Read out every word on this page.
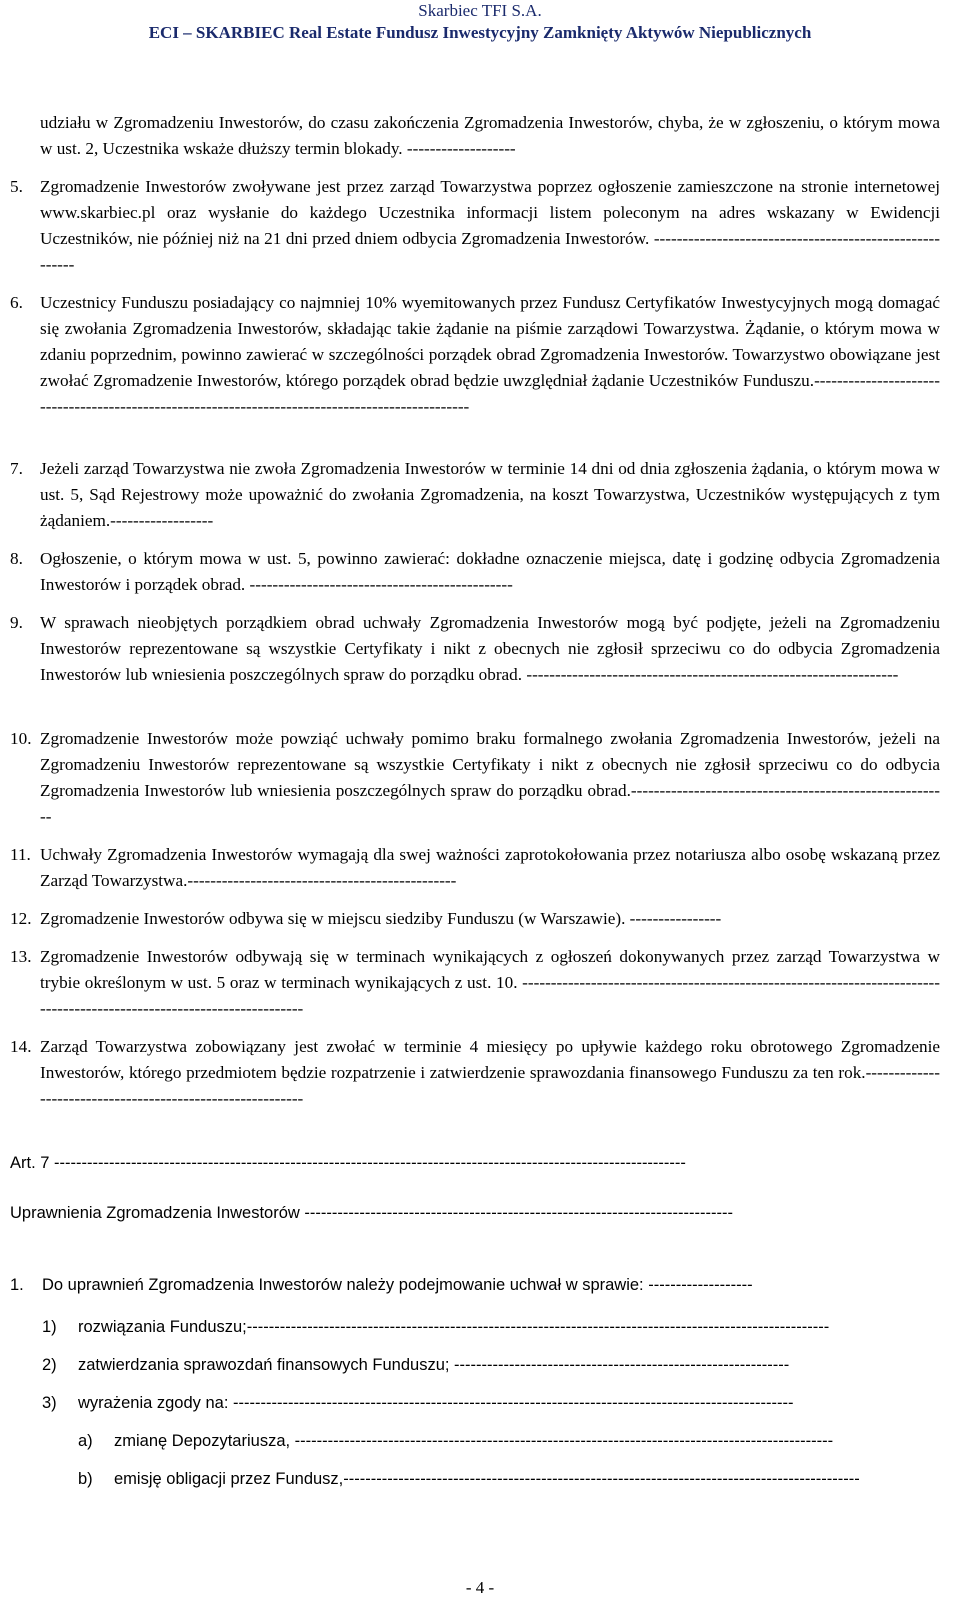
Skarbiec TFI S.A.
ECI – SKARBIEC Real Estate Fundusz Inwestycyjny Zamknięty Aktywów Niepublicznych
udziału w Zgromadzeniu Inwestorów, do czasu zakończenia Zgromadzenia Inwestorów, chyba, że w zgłoszeniu, o którym mowa w ust. 2, Uczestnika wskaże dłuższy termin blokady. -------------------
5. Zgromadzenie Inwestorów zwoływane jest przez zarząd Towarzystwa poprzez ogłoszenie zamieszczone na stronie internetowej www.skarbiec.pl oraz wysłanie do każdego Uczestnika informacji listem poleconym na adres wskazany w Ewidencji Uczestników, nie później niż na 21 dni przed dniem odbycia Zgromadzenia Inwestorów. --------------------------------------------------------
6. Uczestnicy Funduszu posiadający co najmniej 10% wyemitowanych przez Fundusz Certyfikatów Inwestycyjnych mogą domagać się zwołania Zgromadzenia Inwestorów, składając takie żądanie na piśmie zarządowi Towarzystwa. Żądanie, o którym mowa w zdaniu poprzednim, powinno zawierać w szczególności porządek obrad Zgromadzenia Inwestorów. Towarzystwo obowiązane jest zwołać Zgromadzenie Inwestorów, którego porządek obrad będzie uwzględniał żądanie Uczestników Funduszu.-------------------------------------------------------------------------------------------------
7. Jeżeli zarząd Towarzystwa nie zwoła Zgromadzenia Inwestorów w terminie 14 dni od dnia zgłoszenia żądania, o którym mowa w ust. 5, Sąd Rejestrowy może upoważnić do zwołania Zgromadzenia, na koszt Towarzystwa, Uczestników występujących z tym żądaniem.------------------
8. Ogłoszenie, o którym mowa w ust. 5, powinno zawierać: dokładne oznaczenie miejsca, datę i godzinę odbycia Zgromadzenia Inwestorów i porządek obrad. ----------------------------------------------
9. W sprawach nieobjętych porządkiem obrad uchwały Zgromadzenia Inwestorów mogą być podjęte, jeżeli na Zgromadzeniu Inwestorów reprezentowane są wszystkie Certyfikaty i nikt z obecnych nie zgłosił sprzeciwu co do odbycia Zgromadzenia Inwestorów lub wniesienia poszczególnych spraw do porządku obrad. -----------------------------------------------------------------
10. Zgromadzenie Inwestorów może powziąć uchwały pomimo braku formalnego zwołania Zgromadzenia Inwestorów, jeżeli na Zgromadzeniu Inwestorów reprezentowane są wszystkie Certyfikaty i nikt z obecnych nie zgłosił sprzeciwu co do odbycia Zgromadzenia Inwestorów lub wniesienia poszczególnych spraw do porządku obrad.--------------------------------------------------------
11. Uchwały Zgromadzenia Inwestorów wymagają dla swej ważności zaprotokołowania przez notariusza albo osobę wskazaną przez Zarząd Towarzystwa.-----------------------------------------------
12. Zgromadzenie Inwestorów odbywa się w miejscu siedziby Funduszu (w Warszawie). ----------------
13. Zgromadzenie Inwestorów odbywają się w terminach wynikających z ogłoszeń dokonywanych przez zarząd Towarzystwa w trybie określonym w ust. 5 oraz w terminach wynikających z ust. 10. -----------------------------------------------------------------------------------------------------------------------
14. Zarząd Towarzystwa zobowiązany jest zwołać w terminie 4 miesięcy po upływie każdego roku obrotowego Zgromadzenie Inwestorów, którego przedmiotem będzie rozpatrzenie i zatwierdzenie sprawozdania finansowego Funduszu za ten rok.-----------------------------------------------------------
Art. 7 -------------------------------------------------------------------------------------------------------------------
Uprawnienia Zgromadzenia Inwestorów ------------------------------------------------------------------------------
1.	Do uprawnień Zgromadzenia Inwestorów należy podejmowanie uchwał w sprawie: -------------------
1)	rozwiązania Funduszu;----------------------------------------------------------------------------------------------------------
2)	zatwierdzania sprawozdań finansowych Funduszu; -------------------------------------------------------------
3)	wyrażenia zgody na: ------------------------------------------------------------------------------------------------------
a)	zmianę Depozytariusza, --------------------------------------------------------------------------------------------------
b)	emisję obligacji przez Fundusz,----------------------------------------------------------------------------------------------
- 4 -
